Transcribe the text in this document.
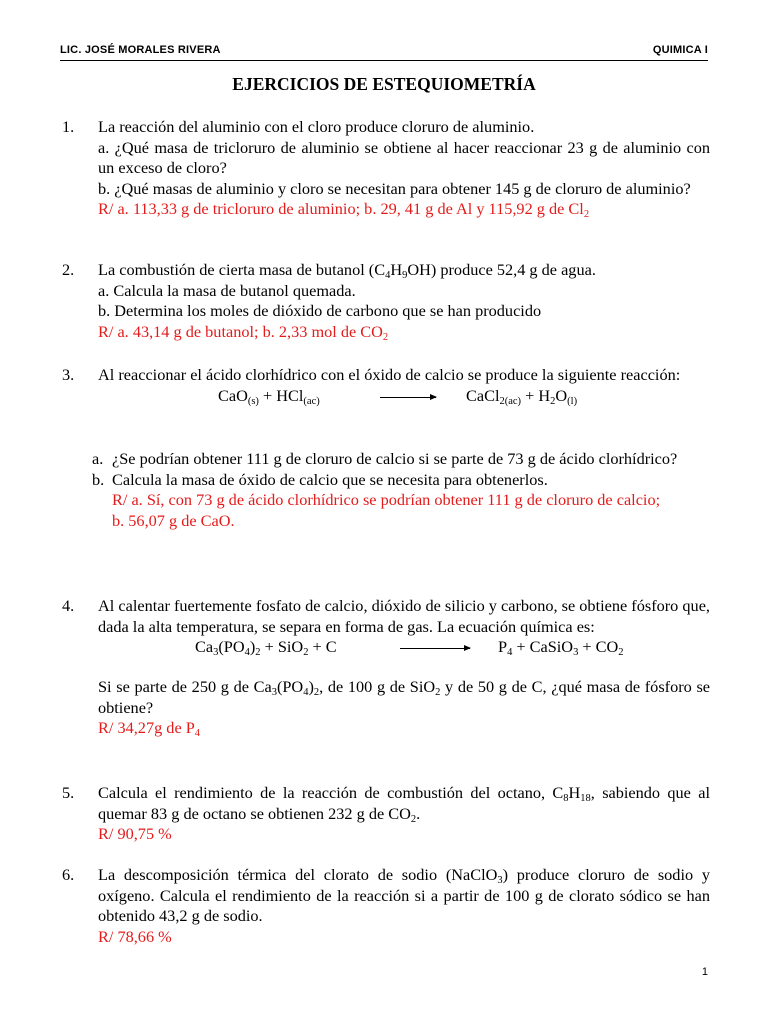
LIC. JOSÉ MORALES RIVERA	QUIMICA I
EJERCICIOS DE ESTEQUIOMETRÍA
1.	La reacción del aluminio con el cloro produce cloruro de aluminio.
a. ¿Qué masa de tricloruro de aluminio se obtiene al hacer reaccionar 23 g de aluminio con un exceso de cloro?
b. ¿Qué masas de aluminio y cloro se necesitan para obtener 145 g de cloruro de aluminio?
R/ a. 113,33 g de tricloruro de aluminio; b. 29, 41 g de Al y 115,92 g de $Cl_2$
2.	La combustión de cierta masa de butanol $(C_4H_9OH)$ produce 52,4 g de agua.
a. Calcula la masa de butanol quemada.
b. Determina los moles de dióxido de carbono que se han producido
R/ a. 43,14 g de butanol; b. 2,33 mol de $CO_2$
3.	Al reaccionar el ácido clorhídrico con el óxido de calcio se produce la siguiente reacción:
CaO$_{(s)}$ + HCl$_{(ac)}$	CaCl$_{2(ac)}$ + $H_2O_{(l)}$
a. ¿Se podrían obtener 111 g de cloruro de calcio si se parte de 73 g de ácido clorhídrico?
b. Calcula la masa de óxido de calcio que se necesita para obtenerlos.
R/ a. Sí, con 73 g de ácido clorhídrico se podrían obtener 111 g de cloruro de calcio;
b. 56,07 g de CaO.
4.	Al calentar fuertemente fosfato de calcio, dióxido de silicio y carbono, se obtiene fósforo que, dada la alta temperatura, se separa en forma de gas. La ecuación química es:
$Ca_3(PO_4)_2 + SiO_2 + C$	$P_4$ + CaSiO$_3$ + $CO_2$
Si se parte de 250 g de $Ca_3(PO_4)_2$, de 100 g de SiO$_2$ y de 50 g de C, ¿qué masa de fósforo se obtiene?
R/ 34,27g de $P_4$
5.	Calcula el rendimiento de la reacción de combustión del octano, $C_8H_{18}$, sabiendo que al quemar 83 g de octano se obtienen 232 g de $CO_2$.
R/ 90,75 %
6.	La descomposición térmica del clorato de sodio (NaClO$_3$) produce cloruro de sodio y oxígeno. Calcula el rendimiento de la reacción si a partir de 100 g de clorato sódico se han obtenido 43,2 g de sodio.
R/ 78,66 %
1
